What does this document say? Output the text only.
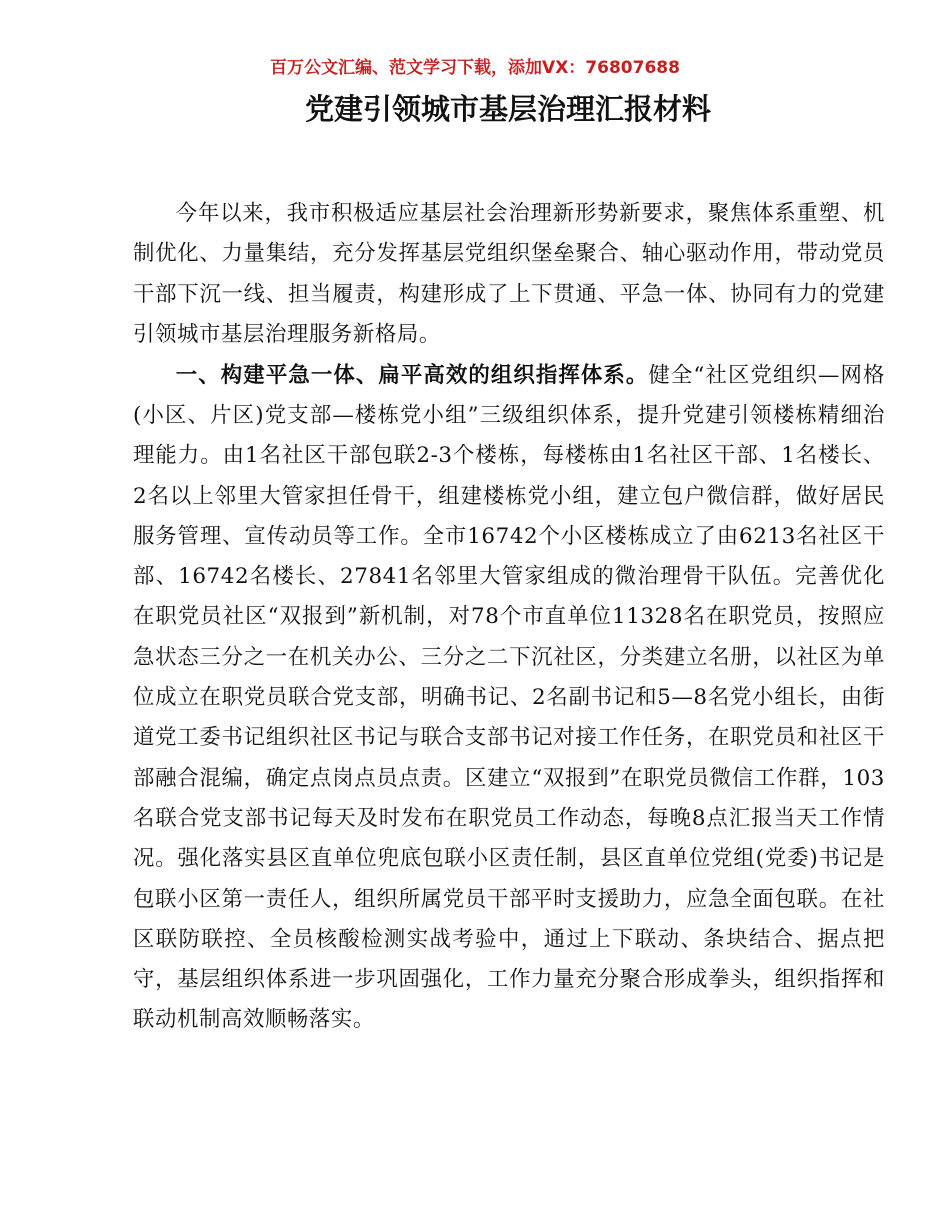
百万公文汇编、范文学习下载，添加VX：76807688
党建引领城市基层治理汇报材料

今年以来，我市积极适应基层社会治理新形势新要求，聚焦体系重塑、机制优化、力量集结，充分发挥基层党组织堡垒聚合、轴心驱动作用，带动党员干部下沉一线、担当履责，构建形成了上下贯通、平急一体、协同有力的党建引领城市基层治理服务新格局。

一、构建平急一体、扁平高效的组织指挥体系。健全“社区党组织—网格(小区、片区)党支部—楼栋党小组”三级组织体系，提升党建引领楼栋精细治理能力。由1名社区干部包联2-3个楼栋，每楼栋由1名社区干部、1名楼长、2名以上邻里大管家担任骨干，组建楼栋党小组，建立包户微信群，做好居民服务管理、宣传动员等工作。全市16742个小区楼栋成立了由6213名社区干部、16742名楼长、27841名邻里大管家组成的微治理骨干队伍。完善优化在职党员社区“双报到”新机制，对78个市直单位11328名在职党员，按照应急状态三分之一在机关办公、三分之二下沉社区，分类建立名册，以社区为单位成立在职党员联合党支部，明确书记、2名副书记和5—8名党小组长，由街道党工委书记组织社区书记与联合支部书记对接工作任务，在职党员和社区干部融合混编，确定点岗点员点责。区建立“双报到”在职党员微信工作群，103名联合党支部书记每天及时发布在职党员工作动态，每晚8点汇报当天工作情况。强化落实县区直单位兜底包联小区责任制，县区直单位党组(党委)书记是包联小区第一责任人，组织所属党员干部平时支援助力，应急全面包联。在社区联防联控、全员核酸检测实战考验中，通过上下联动、条块结合、据点把守，基层组织体系进一步巩固强化，工作力量充分聚合形成拳头，组织指挥和联动机制高效顺畅落实。
